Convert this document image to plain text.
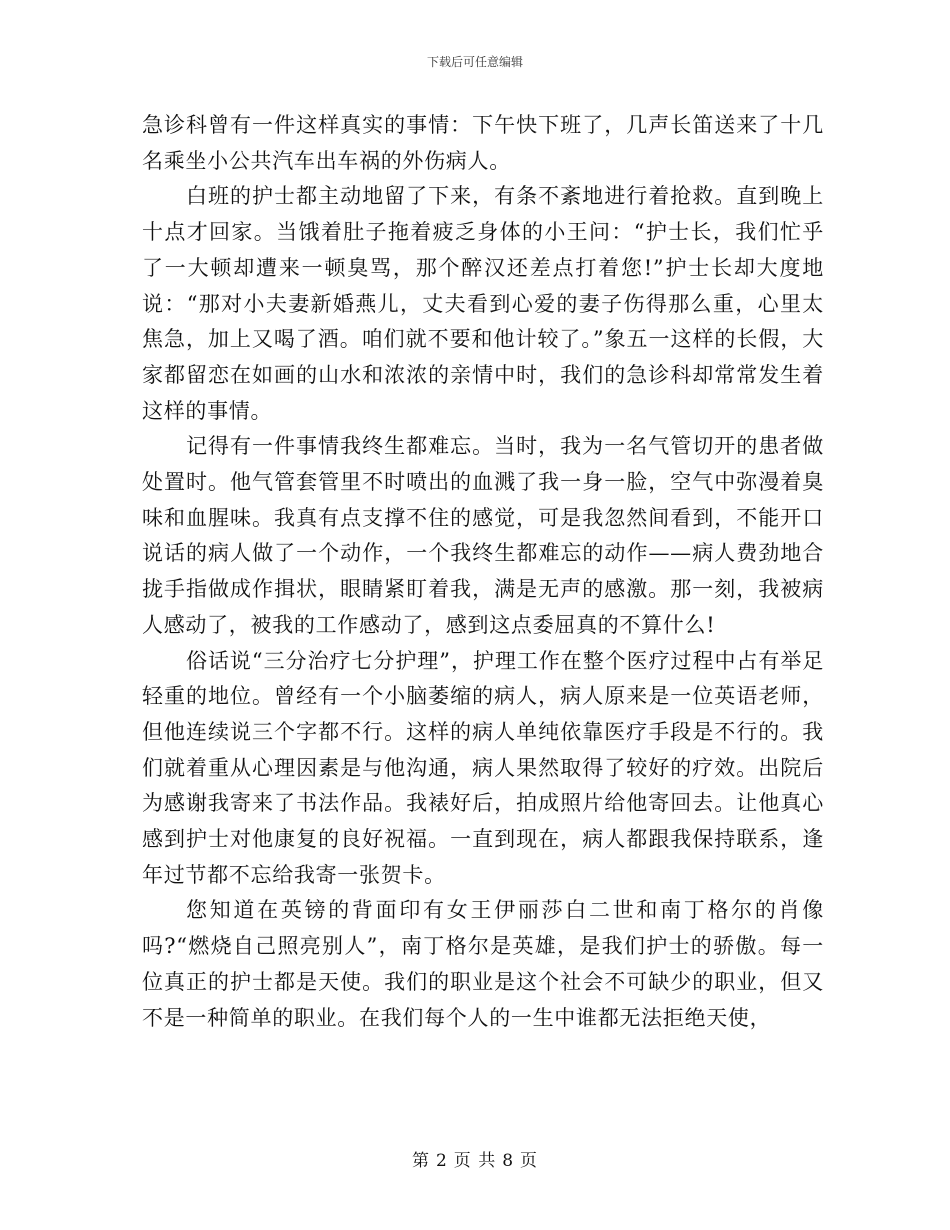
下载后可任意编辑

急诊科曾有一件这样真实的事情：下午快下班了，几声长笛送来了十几名乘坐小公共汽车出车祸的外伤病人。

白班的护士都主动地留了下来，有条不紊地进行着抢救。直到晚上十点才回家。当饿着肚子拖着疲乏身体的小王问：“护士长，我们忙乎了一大顿却遭来一顿臭骂，那个醉汉还差点打着您!”护士长却大度地说：“那对小夫妻新婚燕儿，丈夫看到心爱的妻子伤得那么重，心里太焦急，加上又喝了酒。咱们就不要和他计较了。”象五一这样的长假，大家都留恋在如画的山水和浓浓的亲情中时，我们的急诊科却常常发生着这样的事情。

记得有一件事情我终生都难忘。当时，我为一名气管切开的患者做处置时。他气管套管里不时喷出的血溅了我一身一脸，空气中弥漫着臭味和血腥味。我真有点支撑不住的感觉，可是我忽然间看到，不能开口说话的病人做了一个动作，一个我终生都难忘的动作——病人费劲地合拢手指做成作揖状，眼睛紧盯着我，满是无声的感激。那一刻，我被病人感动了，被我的工作感动了，感到这点委屈真的不算什么!

俗话说“三分治疗七分护理”，护理工作在整个医疗过程中占有举足轻重的地位。曾经有一个小脑萎缩的病人，病人原来是一位英语老师，但他连续说三个字都不行。这样的病人单纯依靠医疗手段是不行的。我们就着重从心理因素是与他沟通，病人果然取得了较好的疗效。出院后为感谢我寄来了书法作品。我裱好后，拍成照片给他寄回去。让他真心感到护士对他康复的良好祝福。一直到现在，病人都跟我保持联系，逢年过节都不忘给我寄一张贺卡。

您知道在英镑的背面印有女王伊丽莎白二世和南丁格尔的肖像吗?“燃烧自己照亮别人”，南丁格尔是英雄，是我们护士的骄傲。每一位真正的护士都是天使。我们的职业是这个社会不可缺少的职业，但又不是一种简单的职业。在我们每个人的一生中谁都无法拒绝天使，

第 2 页 共 8 页
